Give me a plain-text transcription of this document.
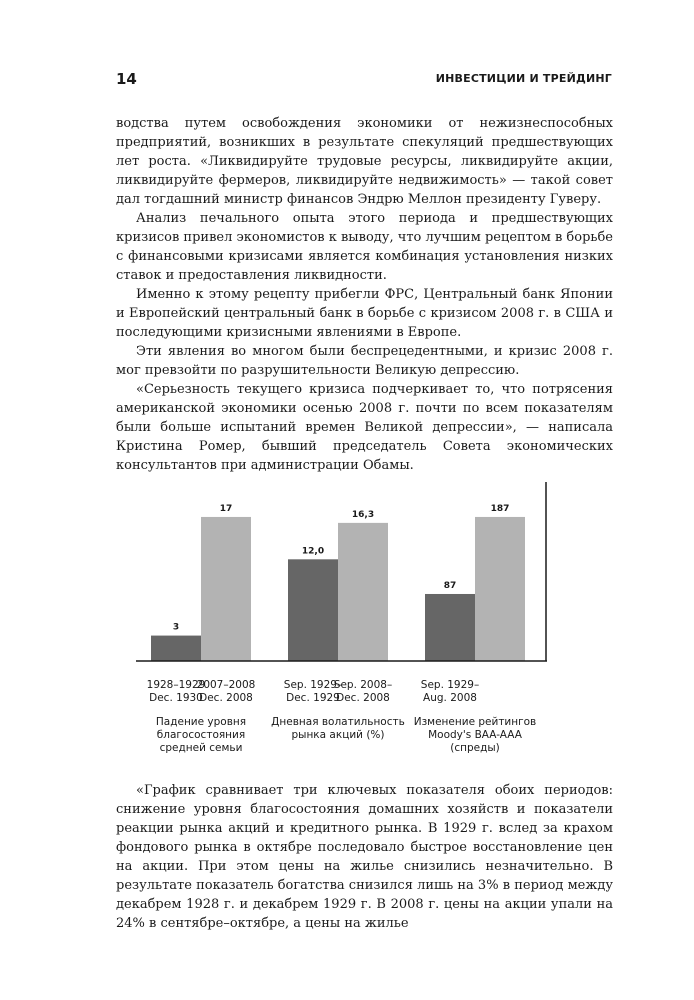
14	ИНВЕСТИЦИИ И ТРЕЙДИНГ

водства путем освобождения экономики от нежизнеспособных предприятий, возникших в результате спекуляций предшествующих лет роста. «Ликвидируйте трудовые ресурсы, ликвидируйте акции, ликвидируйте фермеров, ликвидируйте недвижимость» — такой совет дал тогдашний министр финансов Эндрю Меллон президенту Гуверу.

Анализ печального опыта этого периода и предшествующих кризисов привел экономистов к выводу, что лучшим рецептом в борьбе с финансовыми кризисами является комбинация установления низких ставок и предоставления ликвидности.

Именно к этому рецепту прибегли ФРС, Центральный банк Японии и Европейский центральный банк в борьбе с кризисом 2008 г. в США и последующими кризисными явлениями в Европе.

Эти явления во многом были беспрецедентными, и кризис 2008 г. мог превзойти по разрушительности Великую депрессию.

«Серьезность текущего кризиса подчеркивает то, что потрясения американской экономики осенью 2008 г. почти по всем показателям были больше испытаний времен Великой депрессии», — написала Кристина Ромер, бывший председатель Совета экономических консультантов при администрации Обамы.

3
17
12,0
16,3
87
187
1928–1929
Dec. 1930
2007–2008
Dec. 2008
Падение уровня
благосостояния
средней семьи
Sep. 1929–
Dec. 1929
Sep. 2008–
Dec. 2008
Дневная волатильность
рынка акций (%)
Sep. 1929–
Aug. 2008
Изменение рейтингов
Moody's BAA-AAA
(спреды)

«График сравнивает три ключевых показателя обоих периодов: снижение уровня благосостояния домашних хозяйств и показатели реакции рынка акций и кредитного рынка. В 1929 г. вслед за крахом фондового рынка в октябре последовало быстрое восстановление цен на акции. При этом цены на жилье снизились незначительно. В результате показатель богатства снизился лишь на 3% в период между декабрем 1928 г. и декабрем 1929 г. В 2008 г. цены на акции упали на 24% в сентябре–октябре, а цены на жилье
